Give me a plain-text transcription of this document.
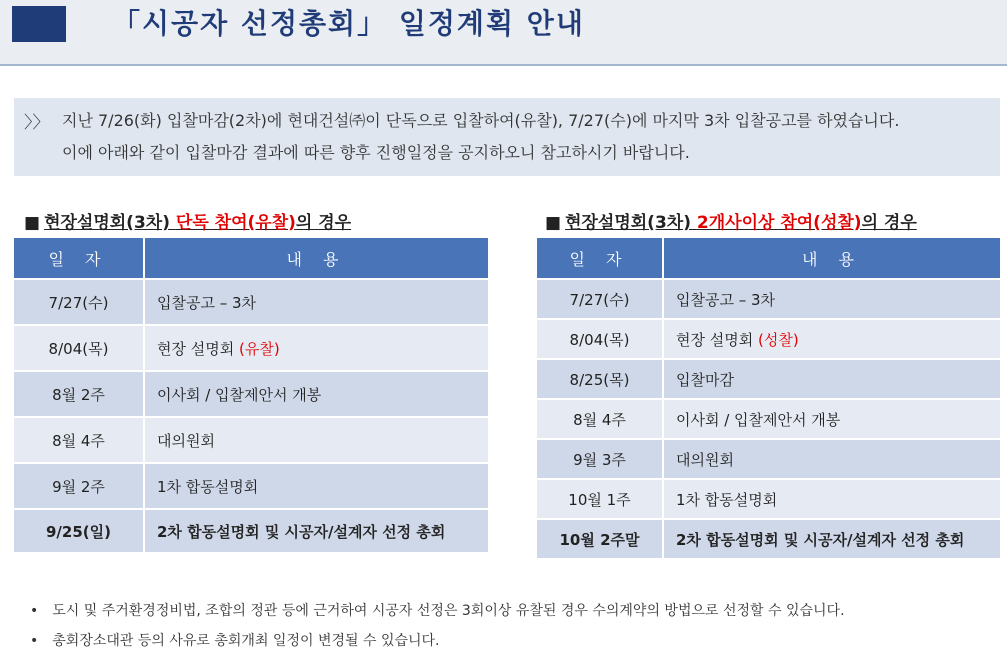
「시공자 선정총회」 일정계획 안내
〉〉 지난 7/26(화) 입찰마감(2차)에 현대건설㈜이 단독으로 입찰하여(유찰), 7/27(수)에 마지막 3차 입찰공고를 하였습니다.
이에 아래와 같이 입찰마감 결과에 따른 향후 진행일정을 공지하오니 참고하시기 바랍니다.
■ 현장설명회(3차) 단독 참여(유찰)의 경우
일 자	내 용
7/27(수)	입찰공고 – 3차
8/04(목)	현장 설명회 (유찰)
8월 2주	이사회 / 입찰제안서 개봉
8월 4주	대의원회
9월 2주	1차 합동설명회
9/25(일)	2차 합동설명회 및 시공자/설계자 선정 총회
■ 현장설명회(3차) 2개사이상 참여(성찰)의 경우
일 자	내 용
7/27(수)	입찰공고 – 3차
8/04(목)	현장 설명회 (성찰)
8/25(목)	입찰마감
8월 4주	이사회 / 입찰제안서 개봉
9월 3주	대의원회
10월 1주	1차 합동설명회
10월 2주말	2차 합동설명회 및 시공자/설계자 선정 총회
• 도시 및 주거환경정비법, 조합의 정관 등에 근거하여 시공자 선정은 3회이상 유찰된 경우 수의계약의 방법으로 선정할 수 있습니다.
• 총회장소대관 등의 사유로 총회개최 일정이 변경될 수 있습니다.
